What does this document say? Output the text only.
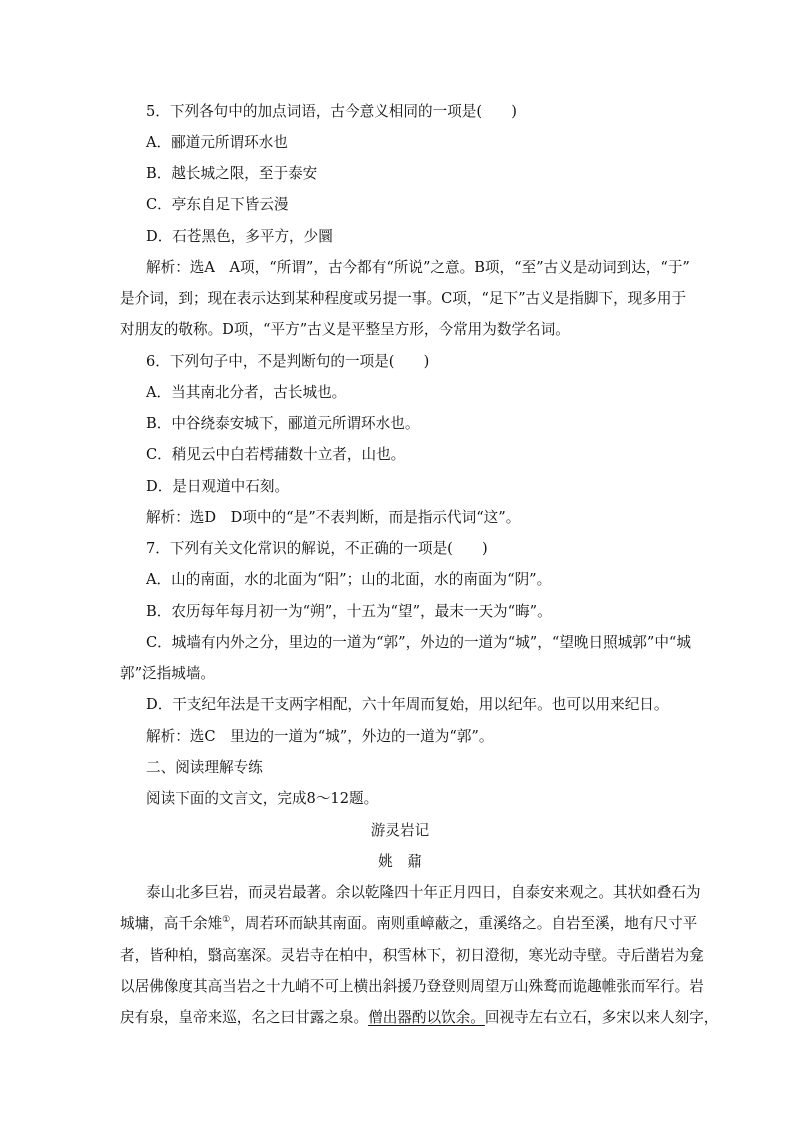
5．下列各句中的加点词语，古今意义相同的一项是(　　)
A．郦道元所谓环水也
B．越长城之限，至于泰安
C．亭东自足下皆云漫
D．石苍黑色，多平方，少圜
解析：选A　A项，“所谓”，古今都有“所说”之意。B项，“至”古义是动词到达，“于”
是介词，到；现在表示达到某种程度或另提一事。C项，“足下”古义是指脚下，现多用于
对朋友的敬称。D项，“平方”古义是平整呈方形，今常用为数学名词。
6．下列句子中，不是判断句的一项是(　　)
A．当其南北分者，古长城也。
B．中谷绕泰安城下，郦道元所谓环水也。
C．稍见云中白若樗蒱数十立者，山也。
D．是日观道中石刻。
解析：选D　D项中的“是”不表判断，而是指示代词“这”。
7．下列有关文化常识的解说，不正确的一项是(　　)
A．山的南面，水的北面为“阳”；山的北面，水的南面为“阴”。
B．农历每年每月初一为“朔”，十五为“望”，最末一天为“晦”。
C．城墙有内外之分，里边的一道为“郭”，外边的一道为“城”，“望晚日照城郭”中“城
郭”泛指城墙。
D．干支纪年法是干支两字相配，六十年周而复始，用以纪年。也可以用来纪日。
解析：选C　里边的一道为“城”，外边的一道为“郭”。
二、阅读理解专练
阅读下面的文言文，完成8～12题。
游灵岩记
姚　鼐
泰山北多巨岩，而灵岩最著。余以乾隆四十年正月四日，自泰安来观之。其状如叠石为
城墉，高千余雉①，周若环而缺其南面。南则重嶂蔽之，重溪络之。自岩至溪，地有尺寸平
者，皆种柏，翳高塞深。灵岩寺在柏中，积雪林下，初日澄彻，寒光动寺壁。寺后凿岩为龛
以居佛像度其高当岩之十九峭不可上横出斜援乃登登则周望万山殊鹜而诡趣帷张而军行。岩
戻有泉，皇帝来巡，名之曰甘露之泉。僧出器酌以饮余。回视寺左右立石，多宋以来人刻字，
